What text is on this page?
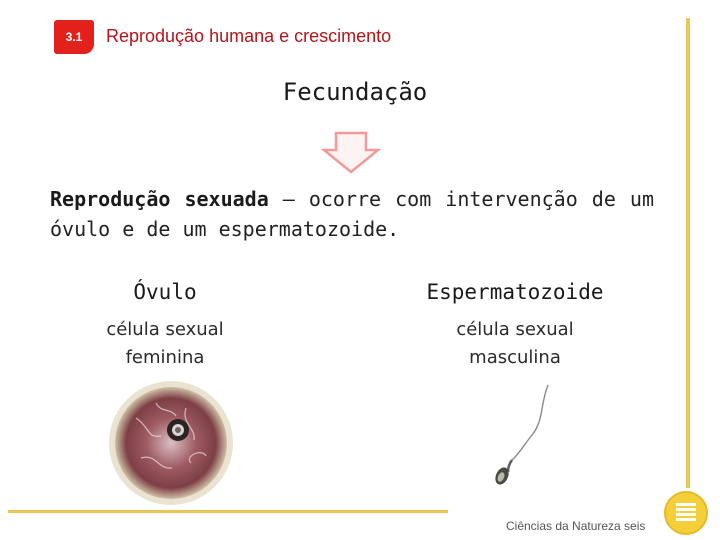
3.1	Reprodução humana e crescimento
Fecundação
Reprodução sexuada – ocorre com intervenção de um óvulo e de um espermatozoide.
Óvulo
célula sexual
feminina
Espermatozoide
célula sexual
masculina
Ciências da Natureza seis
